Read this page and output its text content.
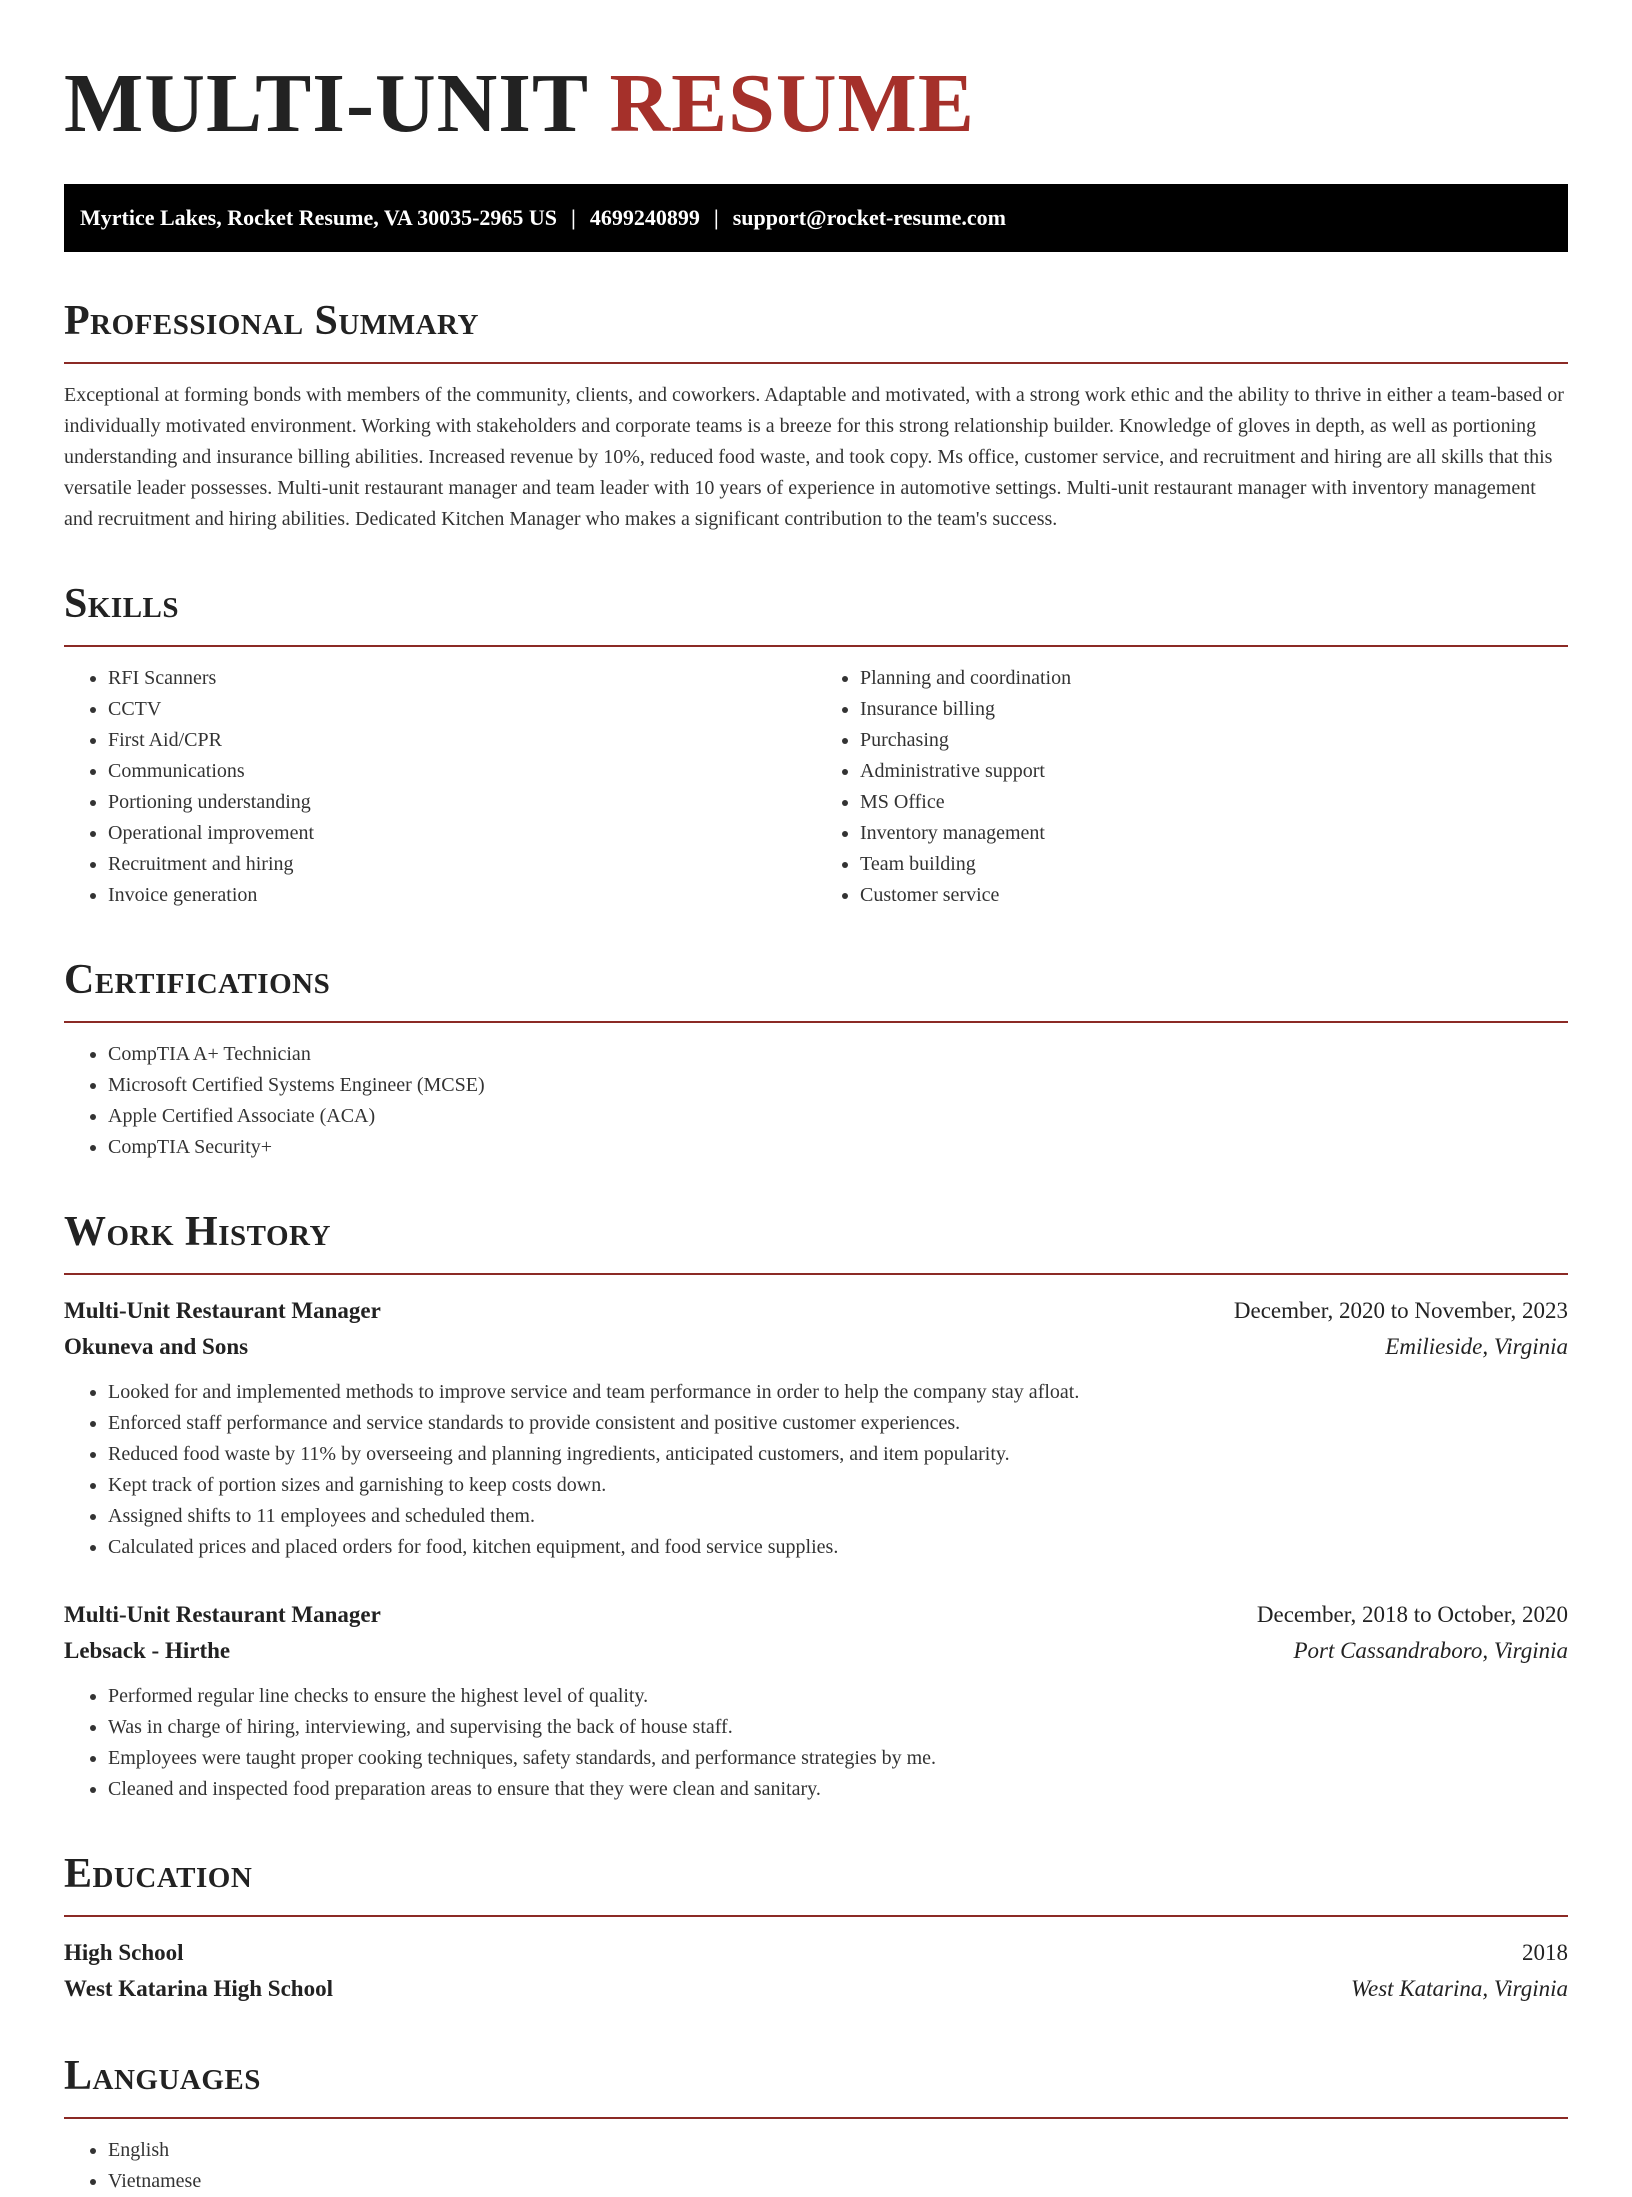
MULTI-UNIT RESUME
Myrtice Lakes, Rocket Resume, VA 30035-2965 US | 4699240899 | support@rocket-resume.com
Professional Summary

Exceptional at forming bonds with members of the community, clients, and coworkers. Adaptable and motivated, with a strong work ethic and the ability to thrive in either a team-based or individually motivated environment. Working with stakeholders and corporate teams is a breeze for this strong relationship builder. Knowledge of gloves in depth, as well as portioning understanding and insurance billing abilities. Increased revenue by 10%, reduced food waste, and took copy. Ms office, customer service, and recruitment and hiring are all skills that this versatile leader possesses. Multi-unit restaurant manager and team leader with 10 years of experience in automotive settings. Multi-unit restaurant manager with inventory management and recruitment and hiring abilities. Dedicated Kitchen Manager who makes a significant contribution to the team's success.

Skills
• RFI Scanners
• CCTV
• First Aid/CPR
• Communications
• Portioning understanding
• Operational improvement
• Recruitment and hiring
• Invoice generation
• Planning and coordination
• Insurance billing
• Purchasing
• Administrative support
• MS Office
• Inventory management
• Team building
• Customer service
Certifications
• CompTIA A+ Technician
• Microsoft Certified Systems Engineer (MCSE)
• Apple Certified Associate (ACA)
• CompTIA Security+
Work History
Multi-Unit Restaurant Manager	December, 2020 to November, 2023
Okuneva and Sons	Emilieside, Virginia
• Looked for and implemented methods to improve service and team performance in order to help the company stay afloat.
• Enforced staff performance and service standards to provide consistent and positive customer experiences.
• Reduced food waste by 11% by overseeing and planning ingredients, anticipated customers, and item popularity.
• Kept track of portion sizes and garnishing to keep costs down.
• Assigned shifts to 11 employees and scheduled them.
• Calculated prices and placed orders for food, kitchen equipment, and food service supplies.
Multi-Unit Restaurant Manager	December, 2018 to October, 2020
Lebsack - Hirthe	Port Cassandraboro, Virginia
• Performed regular line checks to ensure the highest level of quality.
• Was in charge of hiring, interviewing, and supervising the back of house staff.
• Employees were taught proper cooking techniques, safety standards, and performance strategies by me.
• Cleaned and inspected food preparation areas to ensure that they were clean and sanitary.
Education
High School	2018
West Katarina High School	West Katarina, Virginia
Languages
• English
• Vietnamese
